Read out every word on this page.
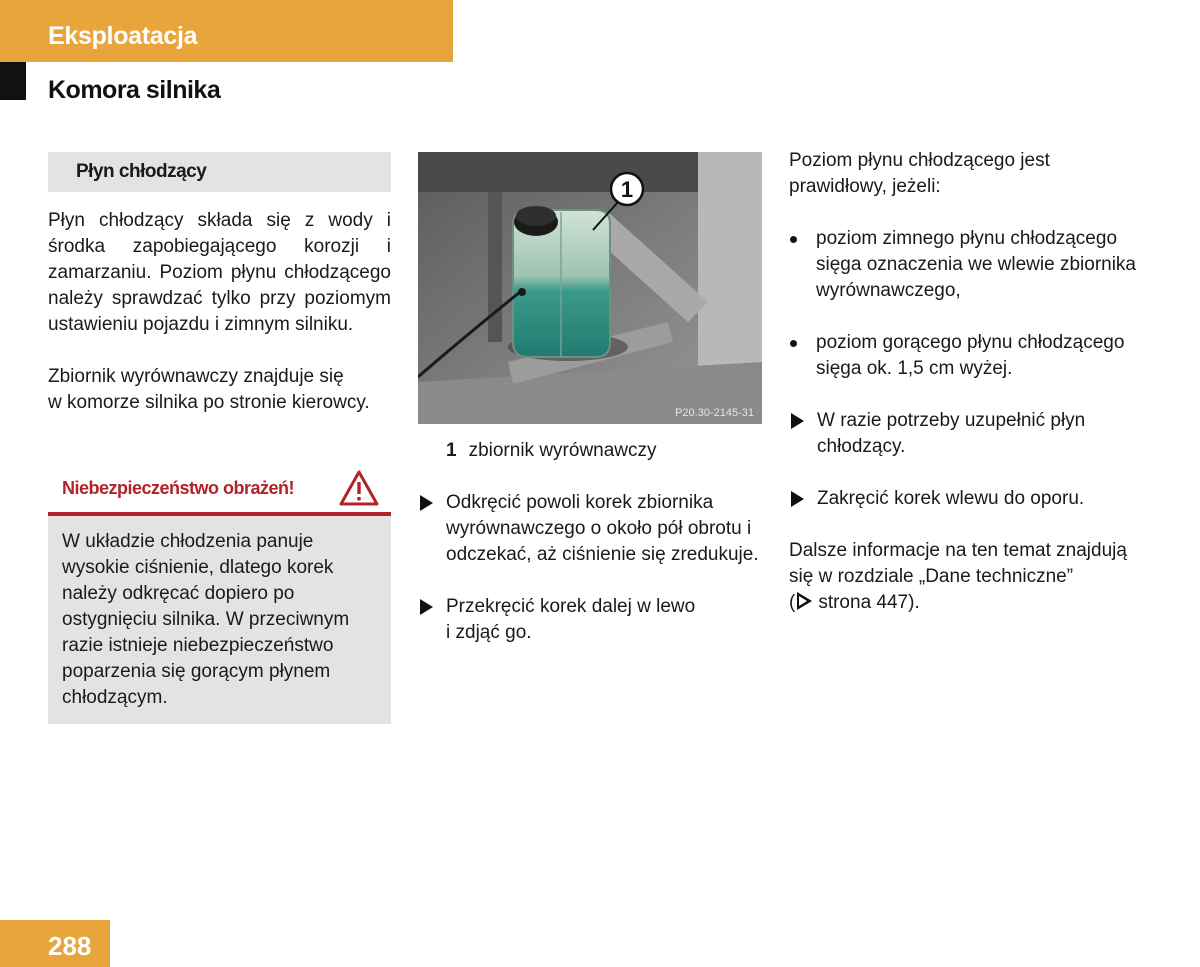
Eksploatacja
Komora silnika
Płyn chłodzący

Płyn chłodzący składa się z wody i środka zapobiegającego korozji i zamarzaniu. Poziom płynu chłodzącego należy sprawdzać tylko przy poziomym ustawieniu pojazdu i zimnym silniku.

Zbiornik wyrównawczy znajduje się
w komorze silnika po stronie kierowcy.

Niebezpieczeństwo obrażeń!

W układzie chłodzenia panuje wysokie ciśnienie, dlatego korek należy odkręcać dopiero po ostygnięciu silnika. W przeciwnym razie istnieje niebezpieczeństwo poparzenia się gorącym płynem chłodzącym.

1
P20.30-2145-31
1 zbiornik wyrównawczy

Odkręcić powoli korek zbiornika wyrównawczego o około pół obrotu i odczekać, aż ciśnienie się zredukuje.

Przekręcić korek dalej w lewo
i zdjąć go.

Poziom płynu chłodzącego jest prawidłowy, jeżeli:

poziom zimnego płynu chłodzącego sięga oznaczenia we wlewie zbiornika wyrównawczego,

poziom gorącego płynu chłodzącego sięga ok. 1,5 cm wyżej.

W razie potrzeby uzupełnić płyn chłodzący.

Zakręcić korek wlewu do oporu.

Dalsze informacje na ten temat znajdują się w rozdziale „Dane techniczne”
( strona 447).

288
